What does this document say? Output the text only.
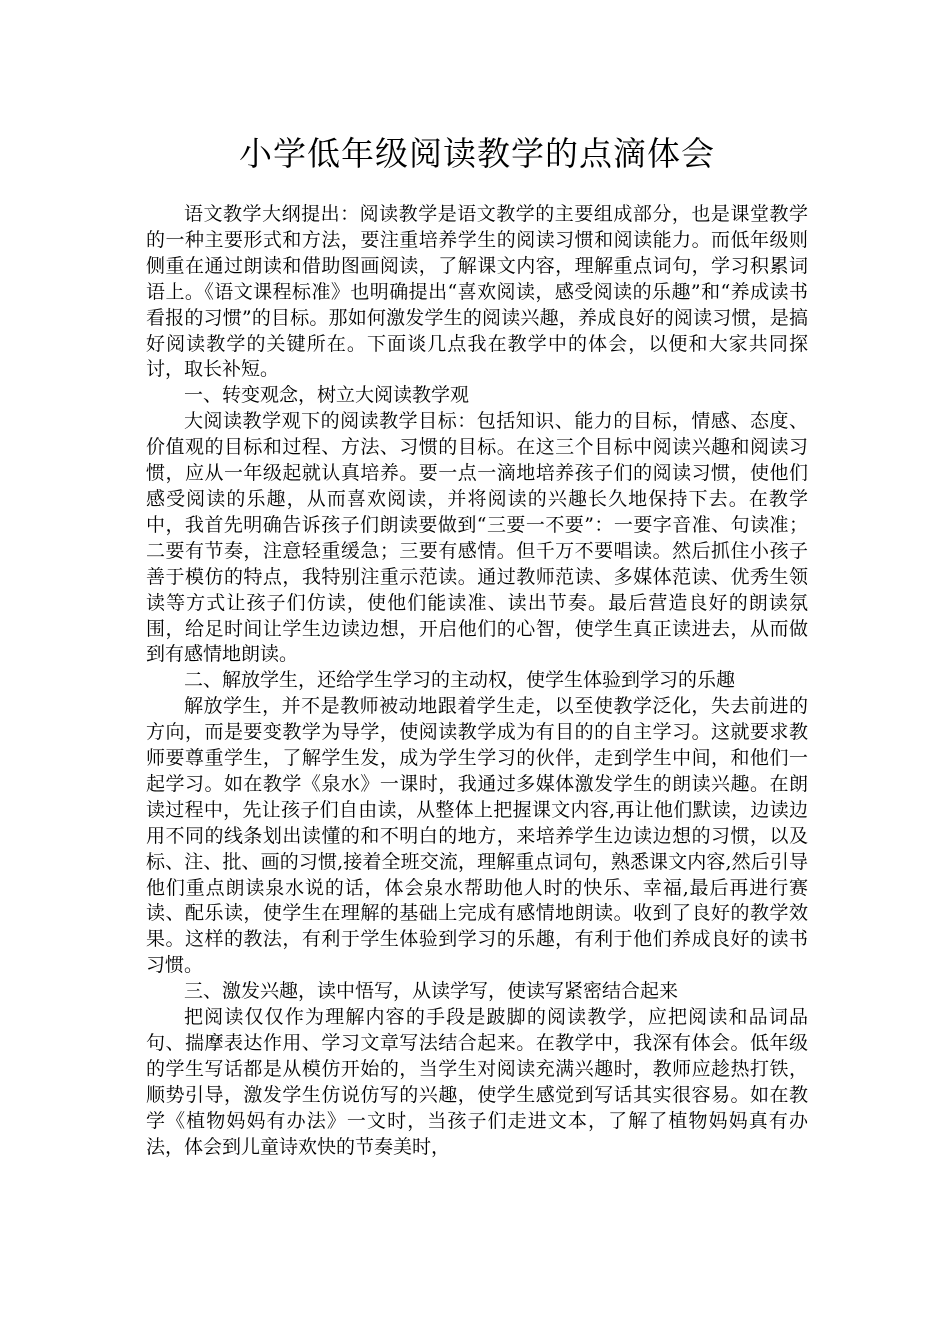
小学低年级阅读教学的点滴体会

语文教学大纲提出：阅读教学是语文教学的主要组成部分，也是课堂教学的一种主要形式和方法，要注重培养学生的阅读习惯和阅读能力。而低年级则侧重在通过朗读和借助图画阅读，了解课文内容，理解重点词句，学习积累词语上。《语文课程标准》也明确提出“喜欢阅读，感受阅读的乐趣”和“养成读书看报的习惯”的目标。那如何激发学生的阅读兴趣，养成良好的阅读习惯，是搞好阅读教学的关键所在。下面谈几点我在教学中的体会，以便和大家共同探讨，取长补短。

一、转变观念，树立大阅读教学观

大阅读教学观下的阅读教学目标：包括知识、能力的目标，情感、态度、价值观的目标和过程、方法、习惯的目标。在这三个目标中阅读兴趣和阅读习惯，应从一年级起就认真培养。要一点一滴地培养孩子们的阅读习惯，使他们感受阅读的乐趣，从而喜欢阅读，并将阅读的兴趣长久地保持下去。在教学中，我首先明确告诉孩子们朗读要做到“三要一不要”：一要字音准、句读准；二要有节奏，注意轻重缓急；三要有感情。但千万不要唱读。然后抓住小孩子善于模仿的特点，我特别注重示范读。通过教师范读、多媒体范读、优秀生领读等方式让孩子们仿读，使他们能读准、读出节奏。最后营造良好的朗读氛围，给足时间让学生边读边想，开启他们的心智，使学生真正读进去，从而做到有感情地朗读。

二、解放学生，还给学生学习的主动权，使学生体验到学习的乐趣

解放学生，并不是教师被动地跟着学生走，以至使教学泛化，失去前进的方向，而是要变教学为导学，使阅读教学成为有目的的自主学习。这就要求教师要尊重学生，了解学生发，成为学生学习的伙伴，走到学生中间，和他们一起学习。如在教学《泉水》一课时，我通过多媒体激发学生的朗读兴趣。在朗读过程中，先让孩子们自由读，从整体上把握课文内容,再让他们默读，边读边用不同的线条划出读懂的和不明白的地方，来培养学生边读边想的习惯，以及标、注、批、画的习惯,接着全班交流，理解重点词句，熟悉课文内容,然后引导他们重点朗读泉水说的话，体会泉水帮助他人时的快乐、幸福,最后再进行赛读、配乐读，使学生在理解的基础上完成有感情地朗读。收到了良好的教学效果。这样的教法，有利于学生体验到学习的乐趣，有利于他们养成良好的读书习惯。

三、激发兴趣，读中悟写，从读学写，使读写紧密结合起来

把阅读仅仅作为理解内容的手段是跛脚的阅读教学，应把阅读和品词品句、揣摩表达作用、学习文章写法结合起来。在教学中，我深有体会。低年级的学生写话都是从模仿开始的，当学生对阅读充满兴趣时，教师应趁热打铁，顺势引导，激发学生仿说仿写的兴趣，使学生感觉到写话其实很容易。如在教学《植物妈妈有办法》一文时，当孩子们走进文本，了解了植物妈妈真有办法，体会到儿童诗欢快的节奏美时，
